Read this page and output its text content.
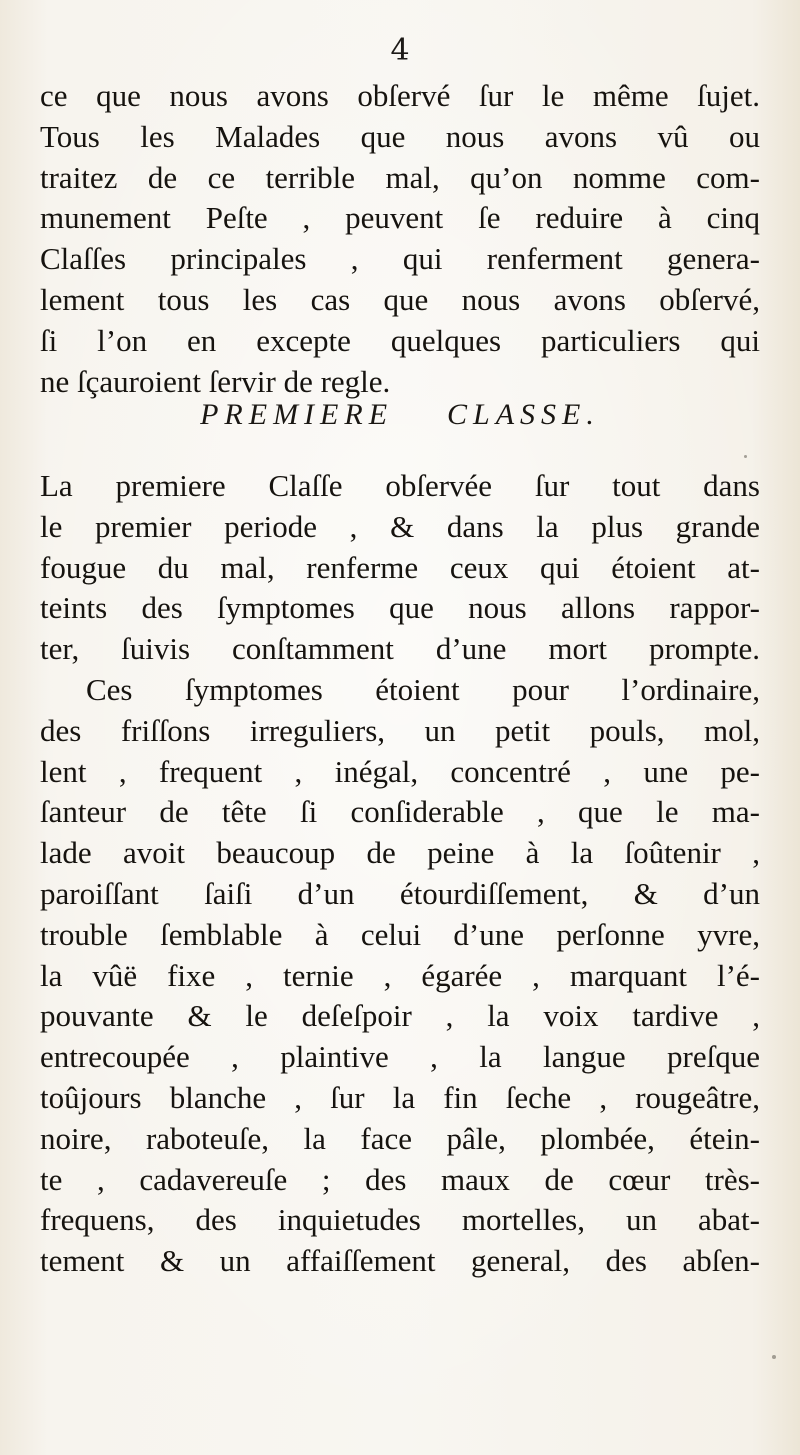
4
ce que nous avons obſervé ſur le même ſujet.
Tous les Malades que nous avons vû ou
traitez de ce terrible mal, qu’on nomme com-
munement Peſte , peuvent ſe reduire à cinq
Claſſes principales , qui renferment genera-
lement tous les cas que nous avons obſervé,
ſi l’on en excepte quelques particuliers qui
ne ſçauroient ſervir de regle.
PREMIERE CLASSE.
La premiere Claſſe obſervée ſur tout dans
le premier periode , & dans la plus grande
fougue du mal, renferme ceux qui étoient at-
teints des ſymptomes que nous allons rappor-
ter, ſuivis conſtamment d’une mort prompte.
Ces ſymptomes étoient pour l’ordinaire,
des friſſons irreguliers, un petit pouls, mol,
lent , frequent , inégal, concentré , une pe-
ſanteur de tête ſi conſiderable , que le ma-
lade avoit beaucoup de peine à la ſoûtenir ,
paroiſſant ſaiſi d’un étourdiſſement, & d’un
trouble ſemblable à celui d’une perſonne yvre,
la vûë fixe , ternie , égarée , marquant l’é-
pouvante & le deſeſpoir , la voix tardive ,
entrecoupée , plaintive , la langue preſque
toûjours blanche , ſur la fin ſeche , rougeâtre,
noire, raboteuſe, la face pâle, plombée, étein-
te , cadavereuſe ; des maux de cœur très-
frequens, des inquietudes mortelles, un abat-
tement & un affaiſſement general, des abſen-
